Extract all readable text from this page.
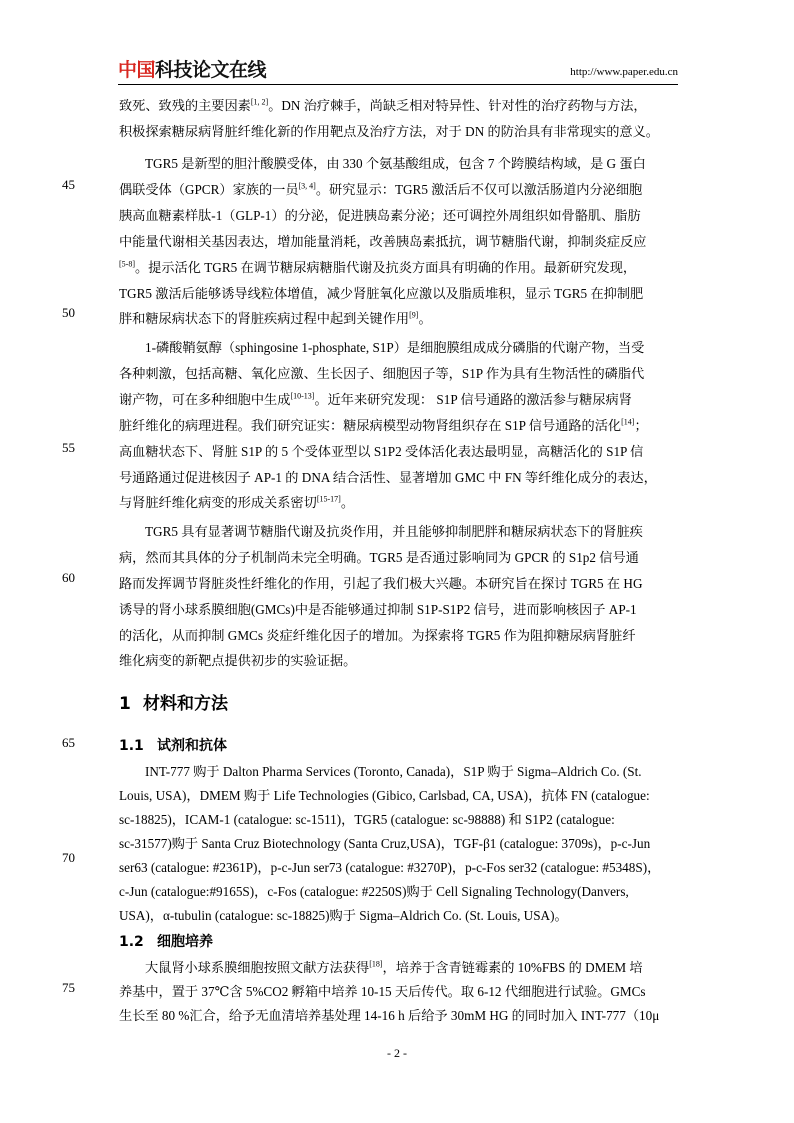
中国 科技论文在线	http://www.paper.edu.cn
45
50
55
60
65
70
75
致死、致残的主要因素[1, 2]。DN 治疗棘手，尚缺乏相对特异性、针对性的治疗药物与方法，
积极探索糖尿病肾脏纤维化新的作用靶点及治疗方法，对于 DN 的防治具有非常现实的意义。
TGR5 是新型的胆汁酸膜受体，由 330 个氨基酸组成，包含 7 个跨膜结构域，是 G 蛋白
偶联受体（GPCR）家族的一员[3, 4]。研究显示：TGR5 激活后不仅可以激活肠道内分泌细胞
胰高血糖素样肽-1（GLP-1）的分泌，促进胰岛素分泌；还可调控外周组织如骨骼肌、脂肪
中能量代谢相关基因表达，增加能量消耗，改善胰岛素抵抗，调节糖脂代谢，抑制炎症反应
[5-8]。提示活化 TGR5 在调节糖尿病糖脂代谢及抗炎方面具有明确的作用。最新研究发现，
TGR5 激活后能够诱导线粒体增值，减少肾脏氧化应激以及脂质堆积，显示 TGR5 在抑制肥
胖和糖尿病状态下的肾脏疾病过程中起到关键作用[9]。
1-磷酸鞘氨醇（sphingosine 1-phosphate, S1P）是细胞膜组成成分磷脂的代谢产物，当受
各种刺激，包括高糖、氧化应激、生长因子、细胞因子等，S1P 作为具有生物活性的磷脂代
谢产物，可在多种细胞中生成[10-13]。近年来研究发现： S1P 信号通路的激活参与糖尿病肾
脏纤维化的病理进程。我们研究证实：糖尿病模型动物肾组织存在 S1P 信号通路的活化[14]；
高血糖状态下、肾脏 S1P 的 5 个受体亚型以 S1P2 受体活化表达最明显，高糖活化的 S1P 信
号通路通过促进核因子 AP-1 的 DNA 结合活性、显著增加 GMC 中 FN 等纤维化成分的表达，
与肾脏纤维化病变的形成关系密切[15-17]。
TGR5 具有显著调节糖脂代谢及抗炎作用，并且能够抑制肥胖和糖尿病状态下的肾脏疾
病，然而其具体的分子机制尚未完全明确。TGR5 是否通过影响同为 GPCR 的 S1p2 信号通
路而发挥调节肾脏炎性纤维化的作用，引起了我们极大兴趣。本研究旨在探讨 TGR5 在 HG
诱导的肾小球系膜细胞(GMCs)中是否能够通过抑制 S1P-S1P2 信号，进而影响核因子 AP-1
的活化，从而抑制 GMCs 炎症纤维化因子的增加。为探索将 TGR5 作为阻抑糖尿病肾脏纤
维化病变的新靶点提供初步的实验证据。
1 材料和方法
1.1 试剂和抗体
INT-777 购于 Dalton Pharma Services (Toronto, Canada)，S1P 购于 Sigma–Aldrich Co. (St.
Louis, USA)，DMEM 购于 Life Technologies (Gibico, Carlsbad, CA, USA)，抗体 FN (catalogue:
sc-18825)，ICAM-1 (catalogue: sc-1511)，TGR5 (catalogue: sc-98888) 和 S1P2 (catalogue:
sc-31577)购于 Santa Cruz Biotechnology (Santa Cruz,USA)，TGF-β1 (catalogue: 3709s)，p-c-Jun
ser63 (catalogue: #2361P)，p-c-Jun ser73 (catalogue: #3270P)，p-c-Fos ser32 (catalogue: #5348S)，
c-Jun (catalogue:#9165S)，c-Fos (catalogue: #2250S)购于 Cell Signaling Technology(Danvers,
USA)，α-tubulin (catalogue: sc-18825)购于 Sigma–Aldrich Co. (St. Louis, USA)。
1.2 细胞培养
大鼠肾小球系膜细胞按照文献方法获得[18]，培养于含青链霉素的 10%FBS 的 DMEM 培
养基中，置于 37℃含 5%CO2 孵箱中培养 10-15 天后传代。取 6-12 代细胞进行试验。GMCs
生长至 80 %汇合，给予无血清培养基处理 14-16 h 后给予 30mM HG 的同时加入 INT-777（10μ
- 2 -
